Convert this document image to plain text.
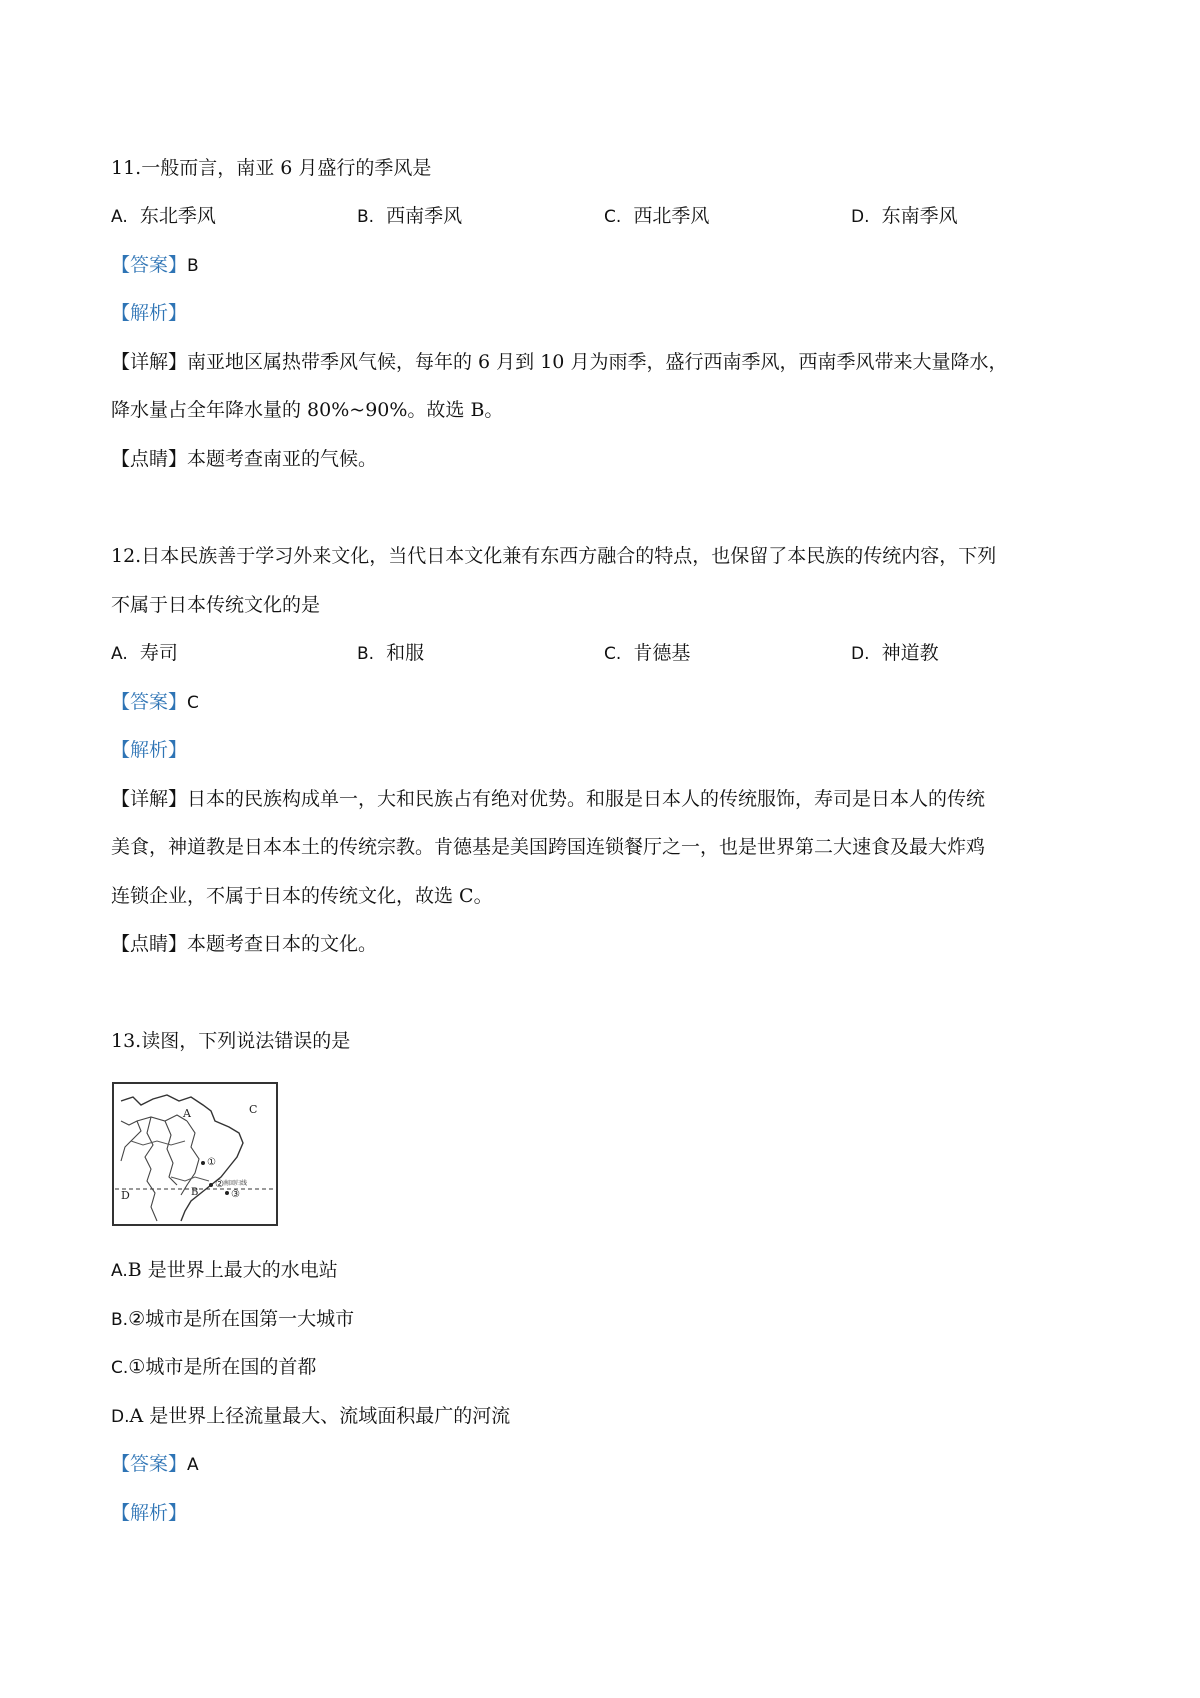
11.一般而言，南亚 6 月盛行的季风是
A. 东北季风	B. 西南季风	C. 西北季风	D. 东南季风
【答案】B
【解析】
【详解】南亚地区属热带季风气候，每年的 6 月到 10 月为雨季，盛行西南季风，西南季风带来大量降水，
降水量占全年降水量的 80%~90%。故选 B。
【点睛】本题考查南亚的气候。
12.日本民族善于学习外来文化，当代日本文化兼有东西方融合的特点，也保留了本民族的传统内容，下列
不属于日本传统文化的是
A. 寿司	B. 和服	C. 肯德基	D. 神道教
【答案】C
【解析】
【详解】日本的民族构成单一，大和民族占有绝对优势。和服是日本人的传统服饰，寿司是日本人的传统
美食，神道教是日本本土的传统宗教。肯德基是美国跨国连锁餐厅之一，也是世界第二大速食及最大炸鸡
连锁企业，不属于日本的传统文化，故选 C。
【点睛】本题考查日本的文化。
13.读图，下列说法错误的是
A	C
D	B
①
②
③
南回归线
A.B 是世界上最大的水电站
B.②城市是所在国第一大城市
C.①城市是所在国的首都
D.A 是世界上径流量最大、流域面积最广的河流
【答案】A
【解析】
